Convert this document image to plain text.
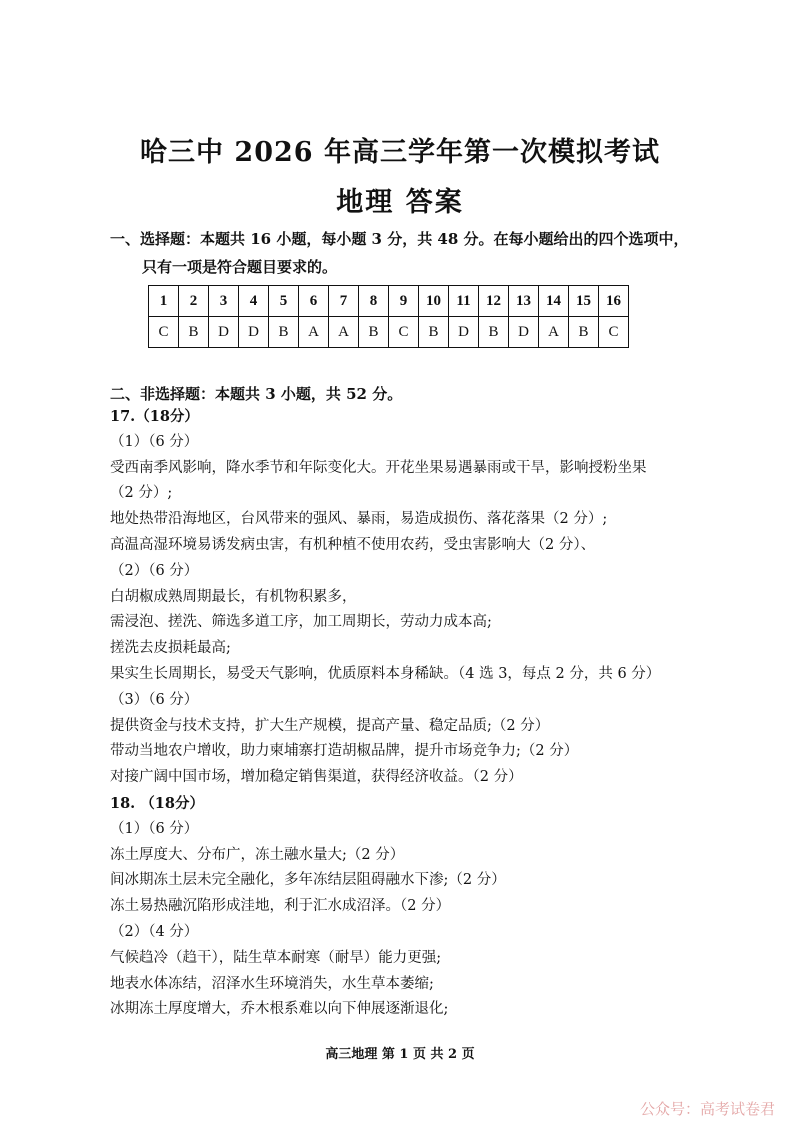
哈三中 2026 年高三学年第一次模拟考试
地理 答案
一、选择题：本题共 16 小题，每小题 3 分，共 48 分。在每小题给出的四个选项中，
只有一项是符合题目要求的。
1	2	3	4	5	6	7	8	9	10	11	12	13	14	15	16
C	B	D	D	B	A	A	B	C	B	D	B	D	A	B	C
二、非选择题：本题共 3 小题，共 52 分。
17.（18分）
（1）（6 分）
受西南季风影响，降水季节和年际变化大。开花坐果易遇暴雨或干旱，影响授粉坐果
（2 分）;
地处热带沿海地区，台风带来的强风、暴雨，易造成损伤、落花落果（2 分）;
高温高湿环境易诱发病虫害，有机种植不使用农药，受虫害影响大（2 分）、
（2）（6 分）
白胡椒成熟周期最长，有机物积累多，
需浸泡、搓洗、筛选多道工序，加工周期长，劳动力成本高;
搓洗去皮损耗最高;
果实生长周期长，易受天气影响，优质原料本身稀缺。（4 选 3，每点 2 分，共 6 分）
（3）（6 分）
提供资金与技术支持，扩大生产规模，提高产量、稳定品质;（2 分）
带动当地农户增收，助力柬埔寨打造胡椒品牌，提升市场竞争力;（2 分）
对接广阔中国市场，增加稳定销售渠道，获得经济收益。（2 分）
18. （18分）
（1）（6 分）
冻土厚度大、分布广，冻土融水量大;（2 分）
间冰期冻土层未完全融化，多年冻结层阻碍融水下渗;（2 分）
冻土易热融沉陷形成洼地，利于汇水成沼泽。（2 分）
（2）（4 分）
气候趋冷（趋干），陆生草本耐寒（耐旱）能力更强;
地表水体冻结，沼泽水生环境消失，水生草本萎缩;
冰期冻土厚度增大，乔木根系难以向下伸展逐渐退化;
高三地理 第 1 页 共 2 页
公众号：高考试卷君
